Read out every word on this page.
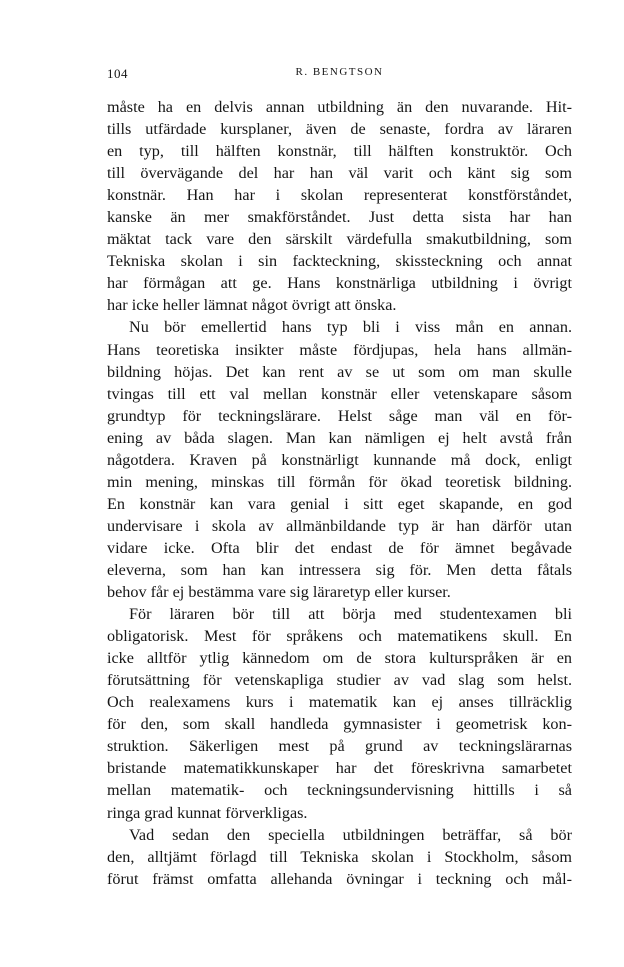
104	R. BENGTSON
måste ha en delvis annan utbildning än den nuvarande. Hit-
tills utfärdade kursplaner, även de senaste, fordra av läraren
en typ, till hälften konstnär, till hälften konstruktör. Och
till övervägande del har han väl varit och känt sig som
konstnär. Han har i skolan representerat konstförståndet,
kanske än mer smakförståndet. Just detta sista har han
mäktat tack vare den särskilt värdefulla smakutbildning, som
Tekniska skolan i sin fackteckning, skissteckning och annat
har förmågan att ge. Hans konstnärliga utbildning i övrigt
har icke heller lämnat något övrigt att önska.
Nu bör emellertid hans typ bli i viss mån en annan.
Hans teoretiska insikter måste fördjupas, hela hans allmän-
bildning höjas. Det kan rent av se ut som om man skulle
tvingas till ett val mellan konstnär eller vetenskapare såsom
grundtyp för teckningslärare. Helst såge man väl en för-
ening av båda slagen. Man kan nämligen ej helt avstå från
någotdera. Kraven på konstnärligt kunnande må dock, enligt
min mening, minskas till förmån för ökad teoretisk bildning.
En konstnär kan vara genial i sitt eget skapande, en god
undervisare i skola av allmänbildande typ är han därför utan
vidare icke. Ofta blir det endast de för ämnet begåvade
eleverna, som han kan intressera sig för. Men detta fåtals
behov får ej bestämma vare sig läraretyp eller kurser.
För läraren bör till att börja med studentexamen bli
obligatorisk. Mest för språkens och matematikens skull. En
icke alltför ytlig kännedom om de stora kulturspråken är en
förutsättning för vetenskapliga studier av vad slag som helst.
Och realexamens kurs i matematik kan ej anses tillräcklig
för den, som skall handleda gymnasister i geometrisk kon-
struktion. Säkerligen mest på grund av teckningslärarnas
bristande matematikkunskaper har det föreskrivna samarbetet
mellan matematik- och teckningsundervisning hittills i så
ringa grad kunnat förverkligas.
Vad sedan den speciella utbildningen beträffar, så bör
den, alltjämt förlagd till Tekniska skolan i Stockholm, såsom
förut främst omfatta allehanda övningar i teckning och mål-
